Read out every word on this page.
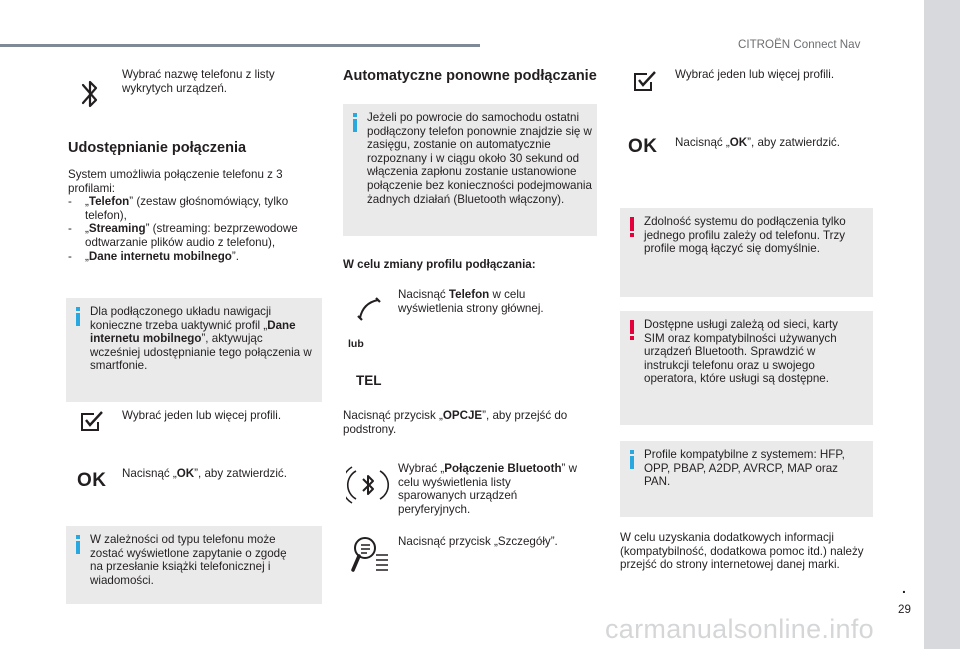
CITROËN Connect Nav
.
29
carmanualsonline.info
Wybrać nazwę telefonu z listy wykrytych urządzeń.
Udostępnianie połączenia
System umożliwia połączenie telefonu z 3 profilami:
-	„Telefon” (zestaw głośnomówiący, tylko telefon),
-	„Streaming” (streaming: bezprzewodowe odtwarzanie plików audio z telefonu),
-	„Dane internetu mobilnego”.
Dla podłączonego układu nawigacji konieczne trzeba uaktywnić profil „Dane internetu mobilnego”, aktywując wcześniej udostępnianie tego połączenia w smartfonie.
Wybrać jeden lub więcej profili.
OK Nacisnąć „OK”, aby zatwierdzić.
W zależności od typu telefonu może zostać wyświetlone zapytanie o zgodę na przesłanie książki telefonicznej i wiadomości.
Automatyczne ponowne podłączanie
Jeżeli po powrocie do samochodu ostatni podłączony telefon ponownie znajdzie się w zasięgu, zostanie on automatycznie rozpoznany i w ciągu około 30 sekund od włączenia zapłonu zostanie ustanowione połączenie bez konieczności podejmowania żadnych działań (Bluetooth włączony).
W celu zmiany profilu podłączania:
Nacisnąć Telefon w celu wyświetlenia strony głównej.
lub
TEL
Nacisnąć przycisk „OPCJE”, aby przejść do podstrony.
Wybrać „Połączenie Bluetooth” w celu wyświetlenia listy sparowanych urządzeń peryferyjnych.
Nacisnąć przycisk „Szczegóły”.
Wybrać jeden lub więcej profili.
OK Nacisnąć „OK”, aby zatwierdzić.
Zdolność systemu do podłączenia tylko jednego profilu zależy od telefonu. Trzy profile mogą łączyć się domyślnie.
Dostępne usługi zależą od sieci, karty SIM oraz kompatybilności używanych urządzeń Bluetooth. Sprawdzić w instrukcji telefonu oraz u swojego operatora, które usługi są dostępne.
Profile kompatybilne z systemem: HFP, OPP, PBAP, A2DP, AVRCP, MAP oraz PAN.
W celu uzyskania dodatkowych informacji (kompatybilność, dodatkowa pomoc itd.) należy przejść do strony internetowej danej marki.
